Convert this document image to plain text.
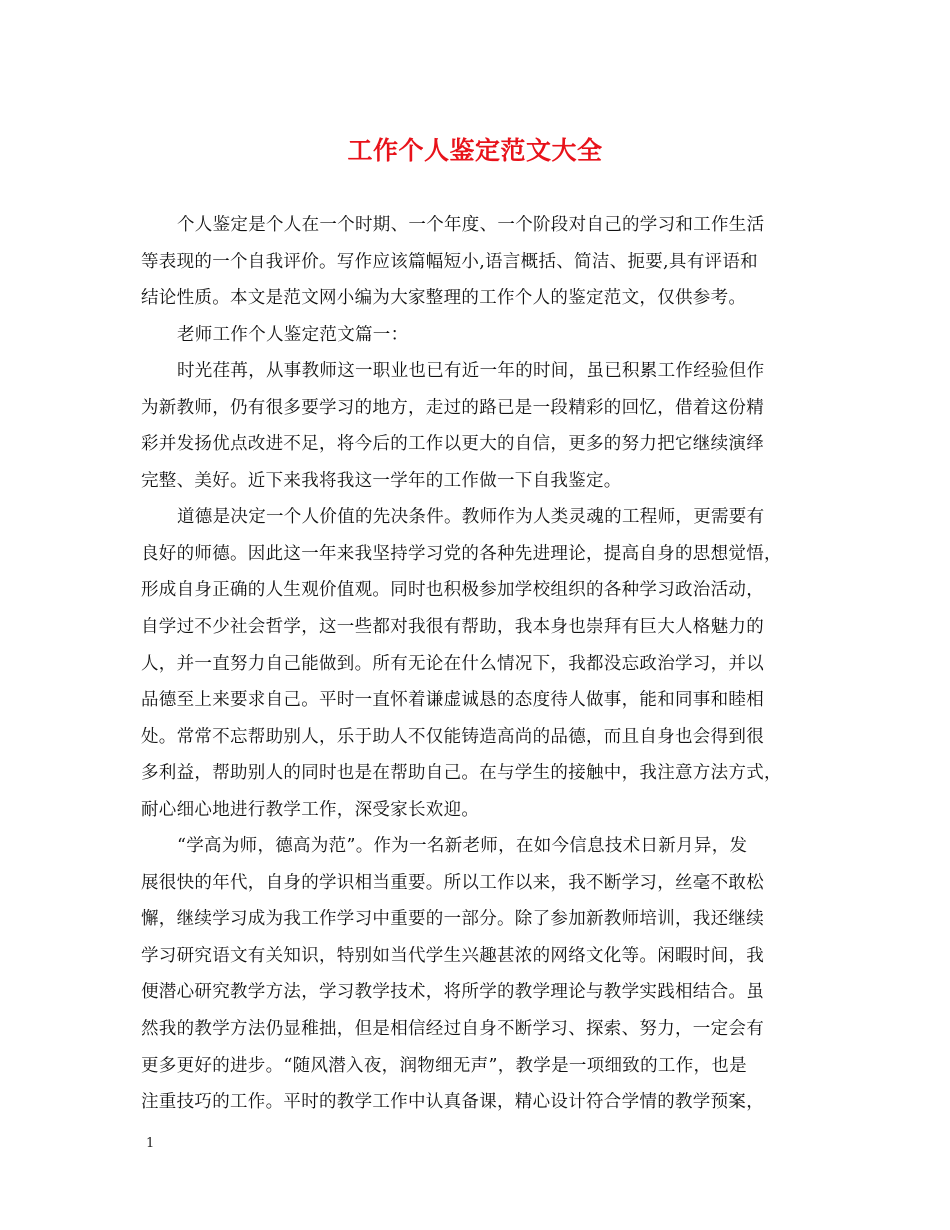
工作个人鉴定范文大全
个人鉴定是个人在一个时期、一个年度、一个阶段对自己的学习和工作生活
等表现的一个自我评价。写作应该篇幅短小,语言概括、简洁、扼要,具有评语和
结论性质。本文是范文网小编为大家整理的工作个人的鉴定范文，仅供参考。
老师工作个人鉴定范文篇一：
时光荏苒，从事教师这一职业也已有近一年的时间，虽已积累工作经验但作
为新教师，仍有很多要学习的地方，走过的路已是一段精彩的回忆，借着这份精
彩并发扬优点改进不足，将今后的工作以更大的自信，更多的努力把它继续演绎
完整、美好。近下来我将我这一学年的工作做一下自我鉴定。
道德是决定一个人价值的先决条件。教师作为人类灵魂的工程师，更需要有
良好的师德。因此这一年来我坚持学习党的各种先进理论，提高自身的思想觉悟，
形成自身正确的人生观价值观。同时也积极参加学校组织的各种学习政治活动，
自学过不少社会哲学，这一些都对我很有帮助，我本身也崇拜有巨大人格魅力的
人，并一直努力自己能做到。所有无论在什么情况下，我都没忘政治学习，并以
品德至上来要求自己。平时一直怀着谦虚诚恳的态度待人做事，能和同事和睦相
处。常常不忘帮助别人，乐于助人不仅能铸造高尚的品德，而且自身也会得到很
多利益，帮助别人的同时也是在帮助自己。在与学生的接触中，我注意方法方式，
耐心细心地进行教学工作，深受家长欢迎。
“学高为师，德高为范”。作为一名新老师，在如今信息技术日新月异，发
展很快的年代，自身的学识相当重要。所以工作以来，我不断学习，丝毫不敢松
懈，继续学习成为我工作学习中重要的一部分。除了参加新教师培训，我还继续
学习研究语文有关知识，特别如当代学生兴趣甚浓的网络文化等。闲暇时间，我
便潜心研究教学方法，学习教学技术，将所学的教学理论与教学实践相结合。虽
然我的教学方法仍显稚拙，但是相信经过自身不断学习、探索、努力，一定会有
更多更好的进步。“随风潜入夜，润物细无声”，教学是一项细致的工作，也是
注重技巧的工作。平时的教学工作中认真备课，精心设计符合学情的教学预案，
1
